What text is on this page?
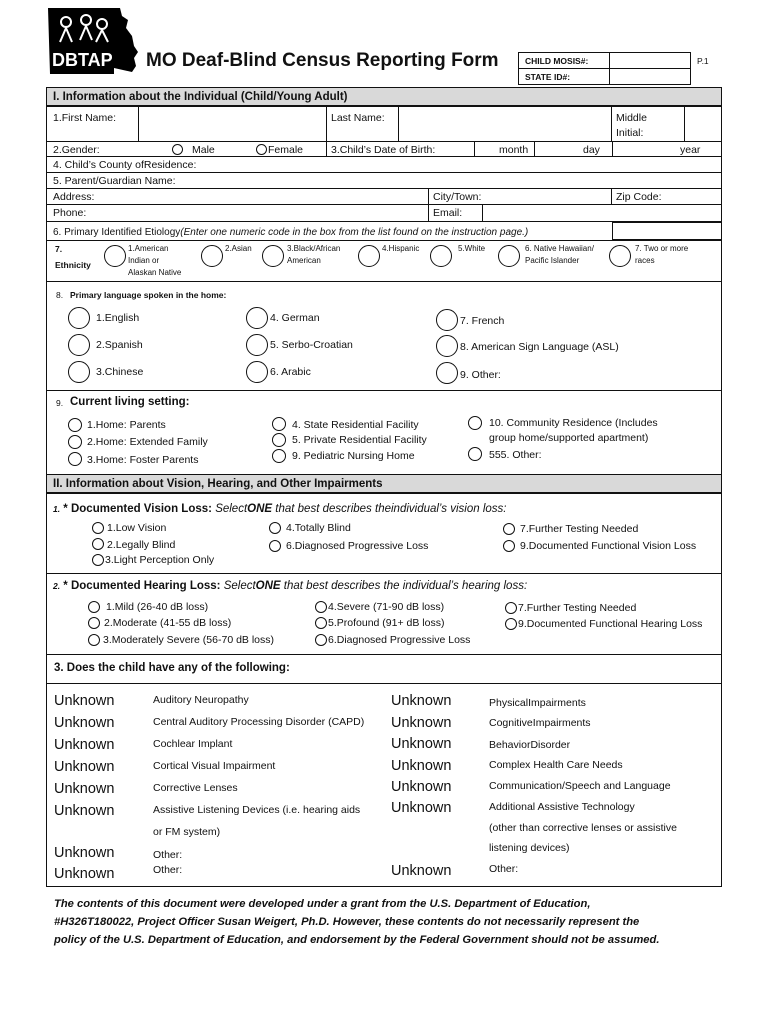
DBTAP MO Deaf-Blind Census Reporting Form	CHILD MOSIS#:
STATE ID#:
P.1
I. Information about the Individual (Child/Young Adult)
1.First Name:	Last Name:	Middle
Initial:
2.Gender:	Male	Female	3.Child’s Date of Birth:	month	day	year
4. Child’s County ofResidence:
5. Parent/Guardian Name:
Address:	City/Town:	Zip Code:
Phone:	Email:
6. Primary Identified Etiology(Enter one numeric code in the box from the list found on the instruction page.)
7.
Ethnicity
1.American
Indian or
Alaskan Native
2.Asian	3.Black/African
American
4.Hispanic	5.White	6. Native Hawaiian/
Pacific Islander
7. Two or more
races
8. Primary language spoken in the home:
1.English
2.Spanish
3.Chinese
4. German
5. Serbo-Croatian
6. Arabic
7. French
8. American Sign Language (ASL)
9. Other:
9. Current living setting:
1.Home: Parents
2.Home: Extended Family
3.Home: Foster Parents
4. State Residential Facility
5. Private Residential Facility
9. Pediatric Nursing Home
10. Community Residence (Includes
group home/supported apartment)
555. Other:
II. Information about Vision, Hearing, and Other Impairments
1. * Documented Vision Loss: SelectONE that best describes theindividual’s vision loss:
1.Low Vision
2.Legally Blind
3.Light Perception Only
4.Totally Blind
6.Diagnosed Progressive Loss
7.Further Testing Needed
9.Documented Functional Vision Loss
2. * Documented Hearing Loss: SelectONE that best describes the individual’s hearing loss:
1.Mild (26-40 dB loss)
2.Moderate (41-55 dB loss)
3.Moderately Severe (56-70 dB loss)
4.Severe (71-90 dB loss)
5.Profound (91+ dB loss)
6.Diagnosed Progressive Loss
7.Further Testing Needed
9.Documented Functional Hearing Loss
3. Does the child have any of the following:
Unknown	Auditory Neuropathy
Unknown	Central Auditory Processing Disorder (CAPD)
Unknown	Cochlear Implant
Unknown	Cortical Visual Impairment
Unknown	Corrective Lenses
Unknown	Assistive Listening Devices (i.e. hearing aids
or FM system)
Unknown	Other:
Unknown	Other:
Unknown	PhysicalImpairments
Unknown	CognitiveImpairments
Unknown	BehaviorDisorder
Unknown	Complex Health Care Needs
Unknown	Communication/Speech and Language
Unknown	Additional Assistive Technology
(other than corrective lenses or assistive
listening devices)
Unknown	Other:
The contents of this document were developed under a grant from the U.S. Department of Education,
#H326T180022, Project Officer Susan Weigert, Ph.D. However, these contents do not necessarily represent the
policy of the U.S. Department of Education, and endorsement by the Federal Government should not be assumed.
